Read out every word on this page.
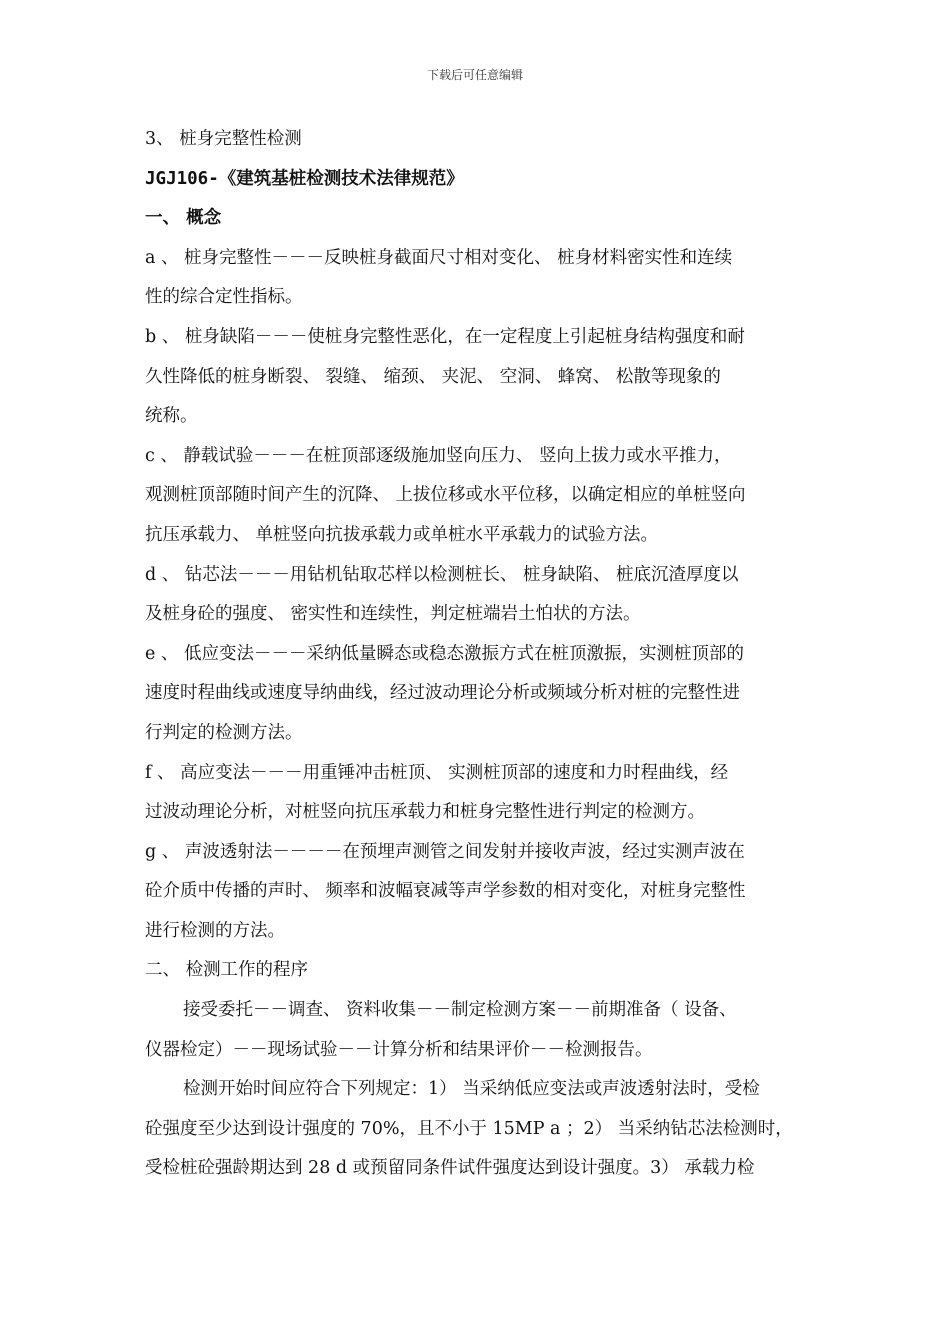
下载后可任意编辑
3、 桩身完整性检测
JGJ106-《建筑基桩检测技术法律规范》
一、 概念
a 、 桩身完整性－－－反映桩身截面尺寸相对变化、 桩身材料密实性和连续
性的综合定性指标。
b 、 桩身缺陷－－－使桩身完整性恶化，在一定程度上引起桩身结构强度和耐
久性降低的桩身断裂、 裂缝、 缩颈、 夹泥、 空洞、 蜂窝、 松散等现象的
统称。
c 、 静载试验－－－在桩顶部逐级施加竖向压力、 竖向上拔力或水平推力，
观测桩顶部随时间产生的沉降、 上拔位移或水平位移，以确定相应的单桩竖向
抗压承载力、 单桩竖向抗拔承载力或单桩水平承载力的试验方法。
d 、 钻芯法－－－用钻机钻取芯样以检测桩长、 桩身缺陷、 桩底沉渣厚度以
及桩身砼的强度、 密实性和连续性，判定桩端岩土怕状的方法。
e 、 低应变法－－－采纳低量瞬态或稳态激振方式在桩顶激振，实测桩顶部的
速度时程曲线或速度导纳曲线，经过波动理论分析或频域分析对桩的完整性进
行判定的检测方法。
f 、 高应变法－－－用重锤冲击桩顶、 实测桩顶部的速度和力时程曲线，经
过波动理论分析，对桩竖向抗压承载力和桩身完整性进行判定的检测方。
g 、 声波透射法－－－－在预埋声测管之间发射并接收声波，经过实测声波在
砼介质中传播的声时、 频率和波幅衰减等声学参数的相对变化，对桩身完整性
进行检测的方法。
二、 检测工作的程序
接受委托－－调查、 资料收集－－制定检测方案－－前期准备（ 设备、
仪器检定）－－现场试验－－计算分析和结果评价－－检测报告。
检测开始时间应符合下列规定：1） 当采纳低应变法或声波透射法时，受检
砼强度至少达到设计强度的 70%，且不小于 15MP a ；2） 当采纳钻芯法检测时，
受检桩砼强龄期达到 28 d 或预留同条件试件强度达到设计强度。3） 承载力检
